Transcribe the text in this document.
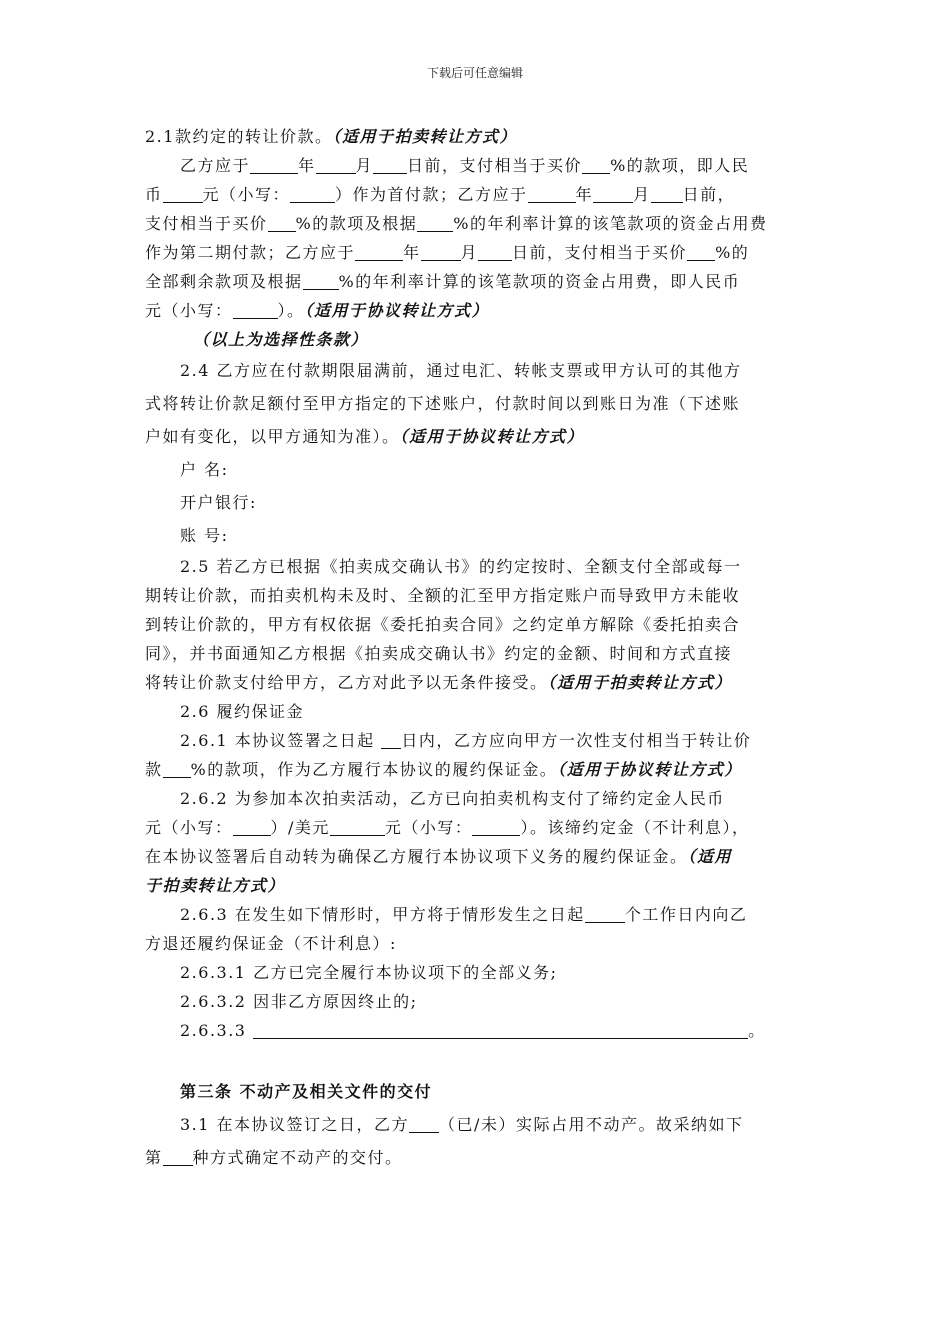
下载后可任意编辑
2.1款约定的转让价款。（适用于拍卖转让方式）
乙方应于	年	月 日前，支付相当于买价 %的款项，即人民
币	元（小写：	）作为首付款；乙方应于	年	月 日前，
支付相当于买价 %的款项及根据 %的年利率计算的该笔款项的资金占用费
作为第二期付款；乙方应于	年	月 日前，支付相当于买价 %的
全部剩余款项及根据 %的年利率计算的该笔款项的资金占用费，即人民币
元（小写：	）。（适用于协议转让方式）
（以上为选择性条款）
2.4 乙方应在付款期限届满前，通过电汇、转帐支票或甲方认可的其他方
式将转让价款足额付至甲方指定的下述账户，付款时间以到账日为准（下述账
户如有变化，以甲方通知为准）。（适用于协议转让方式）
户 名:
开户银行:
账 号:
2.5 若乙方已根据《拍卖成交确认书》的约定按时、全额支付全部或每一
期转让价款，而拍卖机构未及时、全额的汇至甲方指定账户而导致甲方未能收
到转让价款的，甲方有权依据《委托拍卖合同》之约定单方解除《委托拍卖合
同》，并书面通知乙方根据《拍卖成交确认书》约定的金额、时间和方式直接
将转让价款支付给甲方，乙方对此予以无条件接受。（适用于拍卖转让方式）
2.6 履约保证金
2.6.1 本协议签署之日起 日内，乙方应向甲方一次性支付相当于转让价
款 %的款项，作为乙方履行本协议的履约保证金。（适用于协议转让方式）
2.6.2 为参加本次拍卖活动，乙方已向拍卖机构支付了缔约定金人民币
元（小写： ）/美元	元（小写：	）。该缔约定金（不计利息），
在本协议签署后自动转为确保乙方履行本协议项下义务的履约保证金。（适用
于拍卖转让方式）
2.6.3 在发生如下情形时，甲方将于情形发生之日起	个工作日内向乙
方退还履约保证金（不计利息）:
2.6.3.1 乙方已完全履行本协议项下的全部义务;
2.6.3.2 因非乙方原因终止的;
2.6.3.3	。
第三条 不动产及相关文件的交付
3.1 在本协议签订之日，乙方 （已/未）实际占用不动产。故采纳如下
第 种方式确定不动产的交付。
